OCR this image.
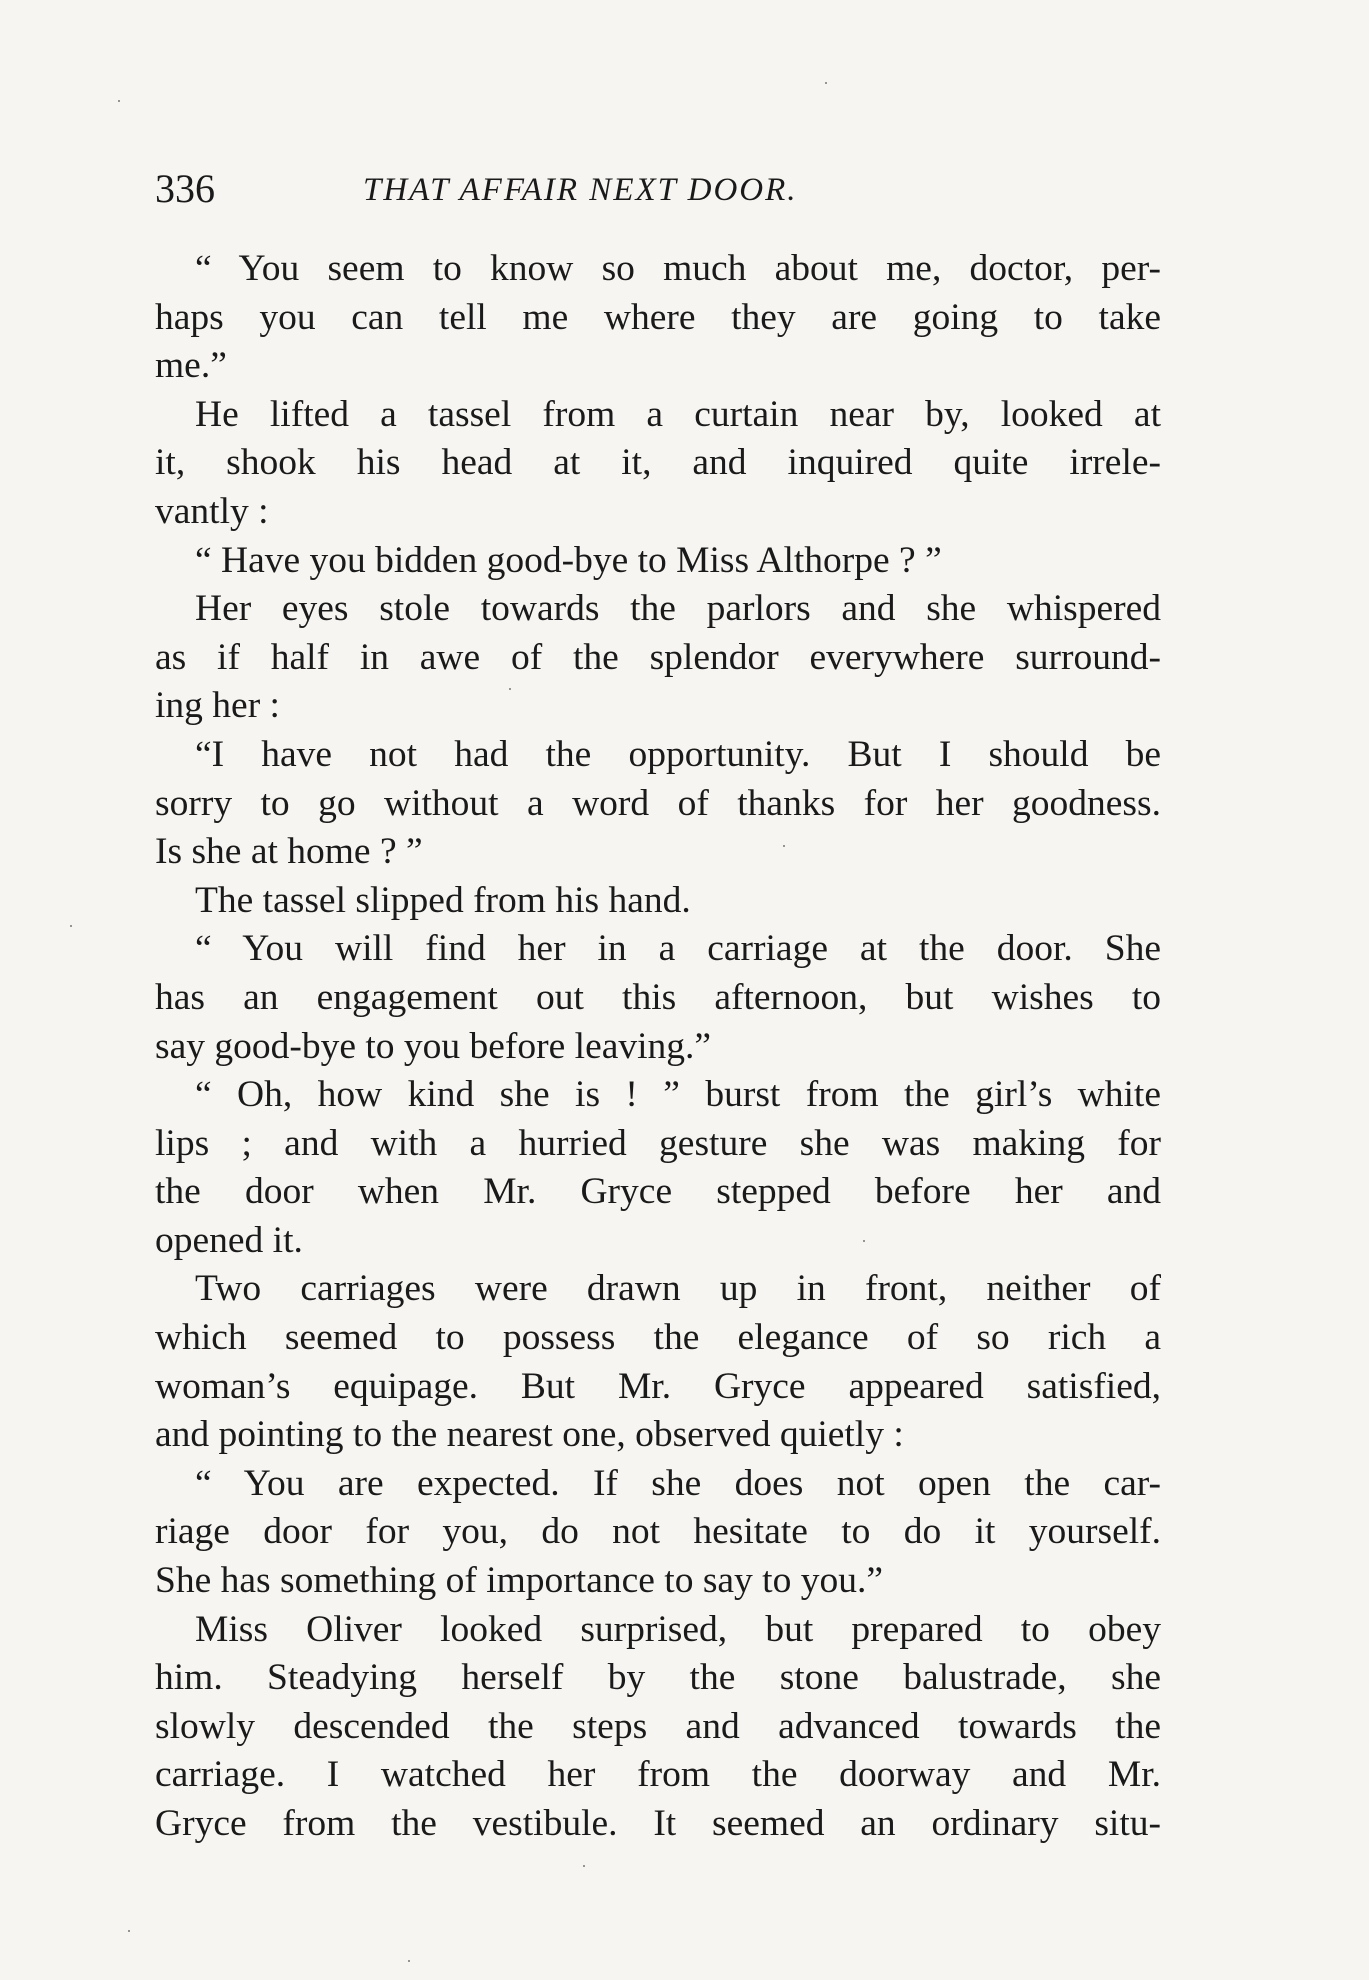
336	THAT AFFAIR NEXT DOOR.
“ You seem to know so much about me, doctor, per-
haps you can tell me where they are going to take
me.”
He lifted a tassel from a curtain near by, looked at
it, shook his head at it, and inquired quite irrele-
vantly :
“ Have you bidden good-bye to Miss Althorpe ? ”
Her eyes stole towards the parlors and she whispered
as if half in awe of the splendor everywhere surround-
ing her :
“I have not had the opportunity. But I should be
sorry to go without a word of thanks for her goodness.
Is she at home ? ”
The tassel slipped from his hand.
“ You will find her in a carriage at the door. She
has an engagement out this afternoon, but wishes to
say good-bye to you before leaving.”
“ Oh, how kind she is ! ” burst from the girl’s white
lips ; and with a hurried gesture she was making for
the door when Mr. Gryce stepped before her and
opened it.
Two carriages were drawn up in front, neither of
which seemed to possess the elegance of so rich a
woman’s equipage. But Mr. Gryce appeared satisfied,
and pointing to the nearest one, observed quietly :
“ You are expected. If she does not open the car-
riage door for you, do not hesitate to do it yourself.
She has something of importance to say to you.”
Miss Oliver looked surprised, but prepared to obey
him. Steadying herself by the stone balustrade, she
slowly descended the steps and advanced towards the
carriage. I watched her from the doorway and Mr.
Gryce from the vestibule. It seemed an ordinary situ-
